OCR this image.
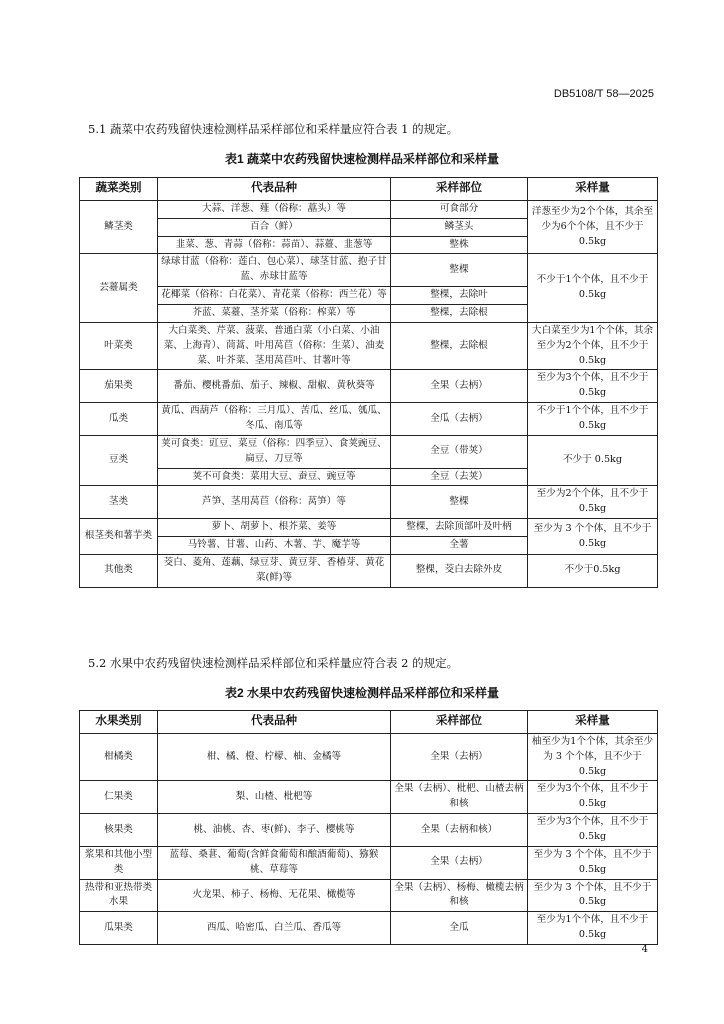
DB5108/T 58—2025
5.1 蔬菜中农药残留快速检测样品采样部位和采样量应符合表 1 的规定。
表1 蔬菜中农药残留快速检测样品采样部位和采样量
蔬菜类别	代表品种	采样部位	采样量
鳞茎类	大蒜、洋葱、薤（俗称：藠头）等	可食部分	洋葱至少为2个个体，其余至少为6个个体，且不少于 0.5kg
	百合（鲜）	鳞茎头	
	韭菜、葱、青蒜（俗称：蒜苗）、蒜薹、韭葱等	整株	
芸薹属类	绿球甘蓝（俗称：莲白、包心菜）、球茎甘蓝、抱子甘蓝、赤球甘蓝等	整棵	不少于1个个体，且不少于 0.5kg
	花椰菜（俗称：白花菜）、青花菜（俗称：西兰花）等	整棵，去除叶	
	芥蓝、菜薹、茎芥菜（俗称：榨菜）等	整棵，去除根	
叶菜类	大白菜类、芹菜、菠菜、普通白菜（小白菜、小油菜、上海青）、茼蒿、叶用莴苣（俗称：生菜）、油麦菜、叶芥菜、茎用莴苣叶、甘薯叶等	整棵，去除根	大白菜至少为1个个体，其余至少为2个个体，且不少于 0.5kg
茄果类	番茄、樱桃番茄、茄子、辣椒、甜椒、黄秋葵等	全果（去柄）	至少为3个个体，且不少于 0.5kg
瓜类	黄瓜、西葫芦（俗称：三月瓜）、苦瓜、丝瓜、瓠瓜、冬瓜、南瓜等	全瓜（去柄）	不少于1个个体，且不少于 0.5kg
豆类	荚可食类：豇豆、菜豆（俗称：四季豆）、食荚豌豆、扁豆、刀豆等	全豆（带荚）	不少于 0.5kg
	荚不可食类：菜用大豆、蚕豆、豌豆等	全豆（去荚）	
茎类	芦笋、茎用莴苣（俗称：莴笋）等	整棵	至少为2个个体，且不少于 0.5kg
根茎类和薯芋类	萝卜、胡萝卜、根芥菜、姜等	整棵，去除顶部叶及叶柄	至少为 3 个个体，且不少于 0.5kg
	马铃薯、甘薯、山药、木薯、芋、魔芋等	全薯	
其他类	茭白、菱角、莲藕、绿豆芽、黄豆芽、香椿芽、黄花菜(鲜)等	整棵，茭白去除外皮	不少于0.5kg
5.2 水果中农药残留快速检测样品采样部位和采样量应符合表 2 的规定。
表2 水果中农药残留快速检测样品采样部位和采样量
水果类别	代表品种	采样部位	采样量
柑橘类	柑、橘、橙、柠檬、柚、金橘等	全果（去柄）	柚至少为1个个体，其余至少为 3 个个体，且不少于 0.5kg
仁果类	梨、山楂、枇杷等	全果（去柄）、枇杷、山楂去柄和核	至少为3个个体，且不少于 0.5kg
核果类	桃、油桃、杏、枣(鲜)、李子、樱桃等	全果（去柄和核）	至少为3个个体，且不少于 0.5kg
浆果和其他小型类	蓝莓、桑葚、葡萄(含鲜食葡萄和酿酒葡萄)、猕猴桃、草莓等	全果（去柄）	至少为 3 个个体，且不少于 0.5kg
热带和亚热带类水果	火龙果、柿子、杨梅、无花果、橄榄等	全果（去柄）、杨梅、橄榄去柄和核	至少为 3 个个体，且不少于 0.5kg
瓜果类	西瓜、哈密瓜、白兰瓜、香瓜等	全瓜	至少为1个个体，且不少于 0.5kg
4
